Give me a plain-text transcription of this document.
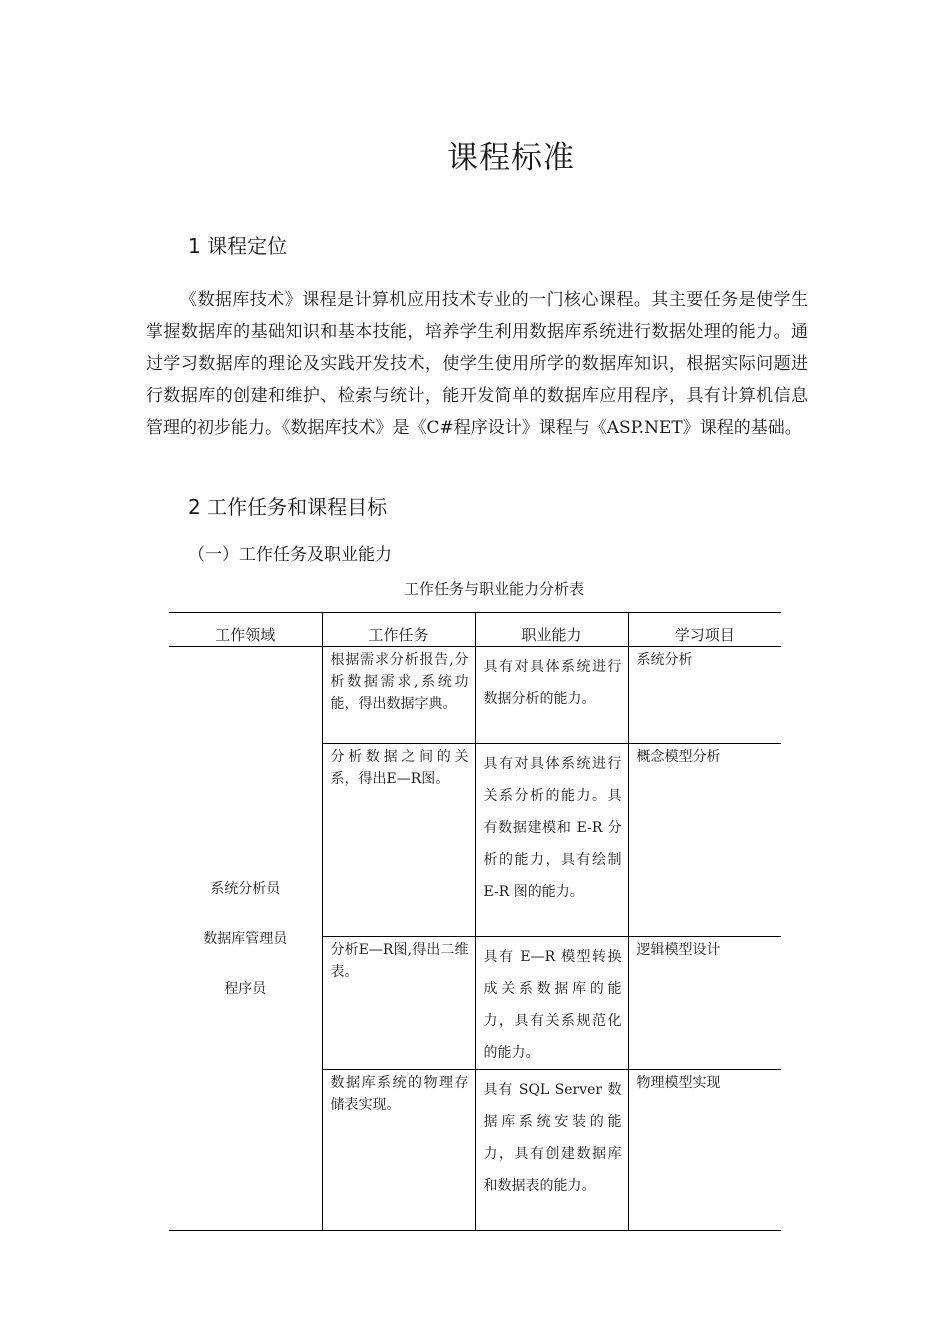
课程标准
1 课程定位

《数据库技术》课程是计算机应用技术专业的一门核心课程。其主要任务是使学生掌握数据库的基础知识和基本技能，培养学生利用数据库系统进行数据处理的能力。通过学习数据库的理论及实践开发技术，使学生使用所学的数据库知识，根据实际问题进行数据库的创建和维护、检索与统计，能开发简单的数据库应用程序，具有计算机信息管理的初步能力。《数据库技术》是《C#程序设计》课程与《ASP.NET》课程的基础。

2 工作任务和课程目标
（一）工作任务及职业能力
工作任务与职业能力分析表
工作领域	工作任务	职业能力	学习项目

系统分析员
数据库管理员
程序员	根据需求分析报告,分析数据需求,系统功能，得出数据字典。	具有对具体系统进行数据分析的能力。	系统分析
	分析数据之间的关系，得出E—R图。	具有对具体系统进行关系分析的能力。具有数据建模和 E-R 分析的能力，具有绘制 E-R 图的能力。	概念模型分析
	分析E—R图,得出二维表。	具有 E—R 模型转换成关系数据库的能力，具有关系规范化的能力。	逻辑模型设计
	数据库系统的物理存储表实现。	具有 SQL Server 数据库系统安装的能力，具有创建数据库和数据表的能力。	物理模型实现
